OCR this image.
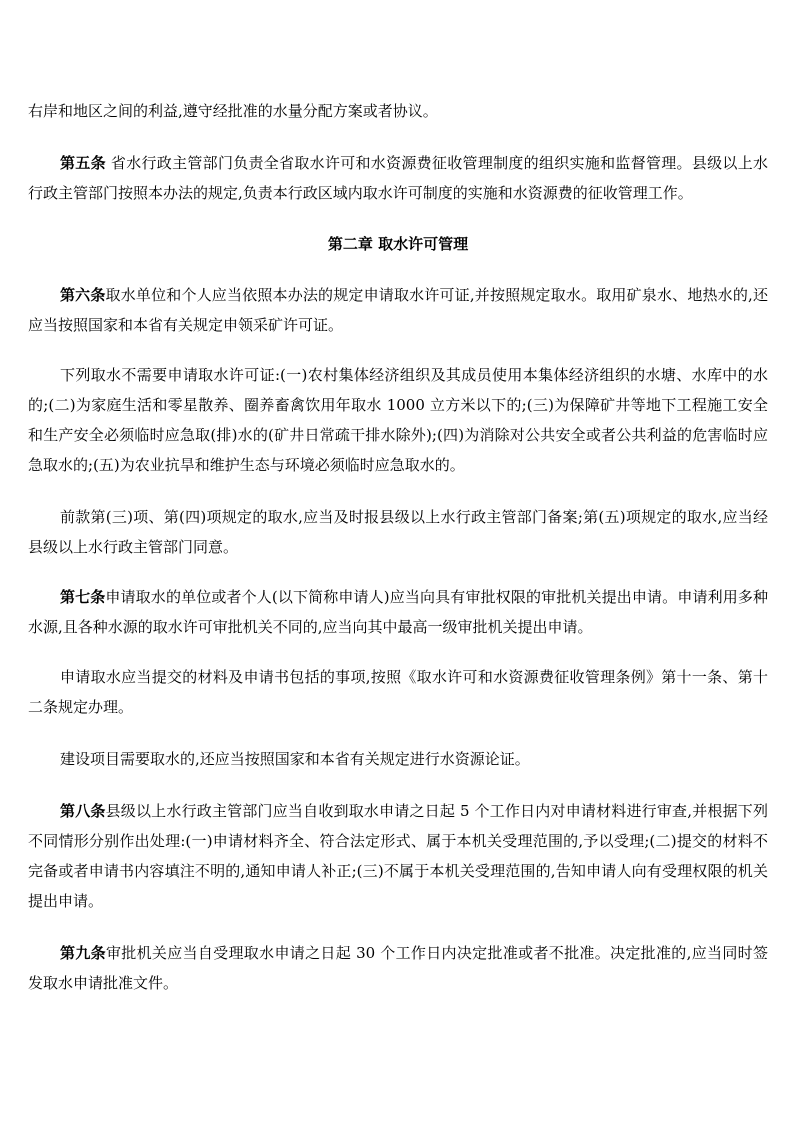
右岸和地区之间的利益,遵守经批准的水量分配方案或者协议。

第五条 省水行政主管部门负责全省取水许可和水资源费征收管理制度的组织实施和监督管理。县级以上水行政主管部门按照本办法的规定,负责本行政区域内取水许可制度的实施和水资源费的征收管理工作。

第二章 取水许可管理

第六条取水单位和个人应当依照本办法的规定申请取水许可证,并按照规定取水。取用矿泉水、地热水的,还应当按照国家和本省有关规定申领采矿许可证。

下列取水不需要申请取水许可证:(一)农村集体经济组织及其成员使用本集体经济组织的水塘、水库中的水的;(二)为家庭生活和零星散养、圈养畜禽饮用年取水 1000 立方米以下的;(三)为保障矿井等地下工程施工安全和生产安全必须临时应急取(排)水的(矿井日常疏干排水除外);(四)为消除对公共安全或者公共利益的危害临时应急取水的;(五)为农业抗旱和维护生态与环境必须临时应急取水的。

前款第(三)项、第(四)项规定的取水,应当及时报县级以上水行政主管部门备案;第(五)项规定的取水,应当经县级以上水行政主管部门同意。

第七条申请取水的单位或者个人(以下简称申请人)应当向具有审批权限的审批机关提出申请。申请利用多种水源,且各种水源的取水许可审批机关不同的,应当向其中最高一级审批机关提出申请。

申请取水应当提交的材料及申请书包括的事项,按照《取水许可和水资源费征收管理条例》第十一条、第十二条规定办理。

建设项目需要取水的,还应当按照国家和本省有关规定进行水资源论证。

第八条县级以上水行政主管部门应当自收到取水申请之日起 5 个工作日内对申请材料进行审查,并根据下列不同情形分别作出处理:(一)申请材料齐全、符合法定形式、属于本机关受理范围的,予以受理;(二)提交的材料不完备或者申请书内容填注不明的,通知申请人补正;(三)不属于本机关受理范围的,告知申请人向有受理权限的机关提出申请。

第九条审批机关应当自受理取水申请之日起 30 个工作日内决定批准或者不批准。决定批准的,应当同时签发取水申请批准文件。
